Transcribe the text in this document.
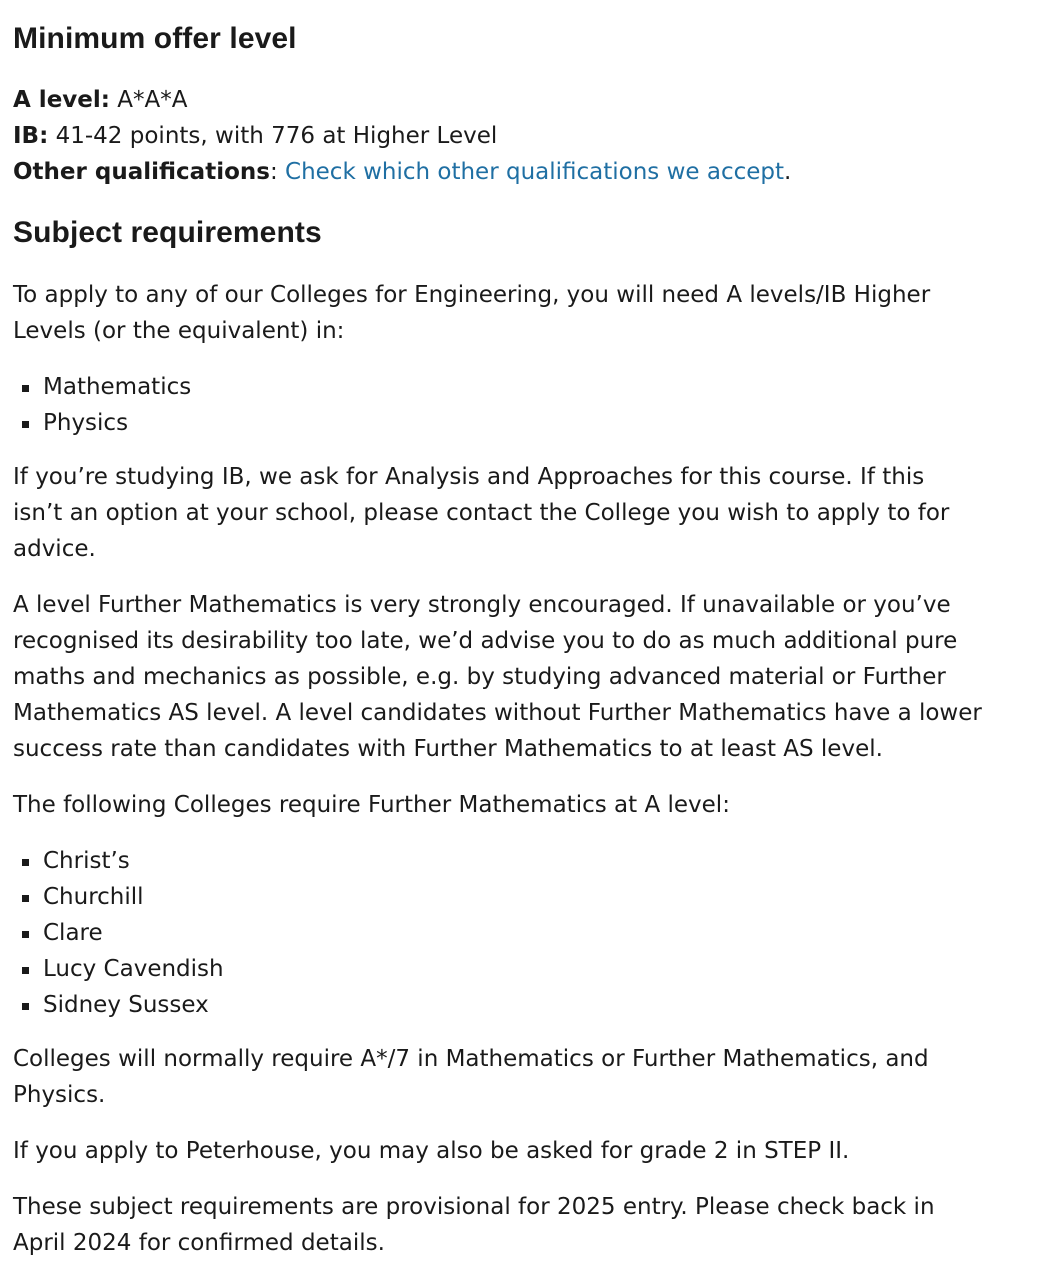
Minimum offer level
A level: A*A*A
IB: 41-42 points, with 776 at Higher Level
Other qualifications: Check which other qualifications we accept.
Subject requirements
To apply to any of our Colleges for Engineering, you will need A levels/IB Higher
Levels (or the equivalent) in:
Mathematics
Physics
If you’re studying IB, we ask for Analysis and Approaches for this course. If this
isn’t an option at your school, please contact the College you wish to apply to for
advice.
A level Further Mathematics is very strongly encouraged. If unavailable or you’ve
recognised its desirability too late, we’d advise you to do as much additional pure
maths and mechanics as possible, e.g. by studying advanced material or Further
Mathematics AS level. A level candidates without Further Mathematics have a lower
success rate than candidates with Further Mathematics to at least AS level.
The following Colleges require Further Mathematics at A level:
Christ’s
Churchill
Clare
Lucy Cavendish
Sidney Sussex
Colleges will normally require A*/7 in Mathematics or Further Mathematics, and
Physics.
If you apply to Peterhouse, you may also be asked for grade 2 in STEP II.
These subject requirements are provisional for 2025 entry. Please check back in
April 2024 for confirmed details.
